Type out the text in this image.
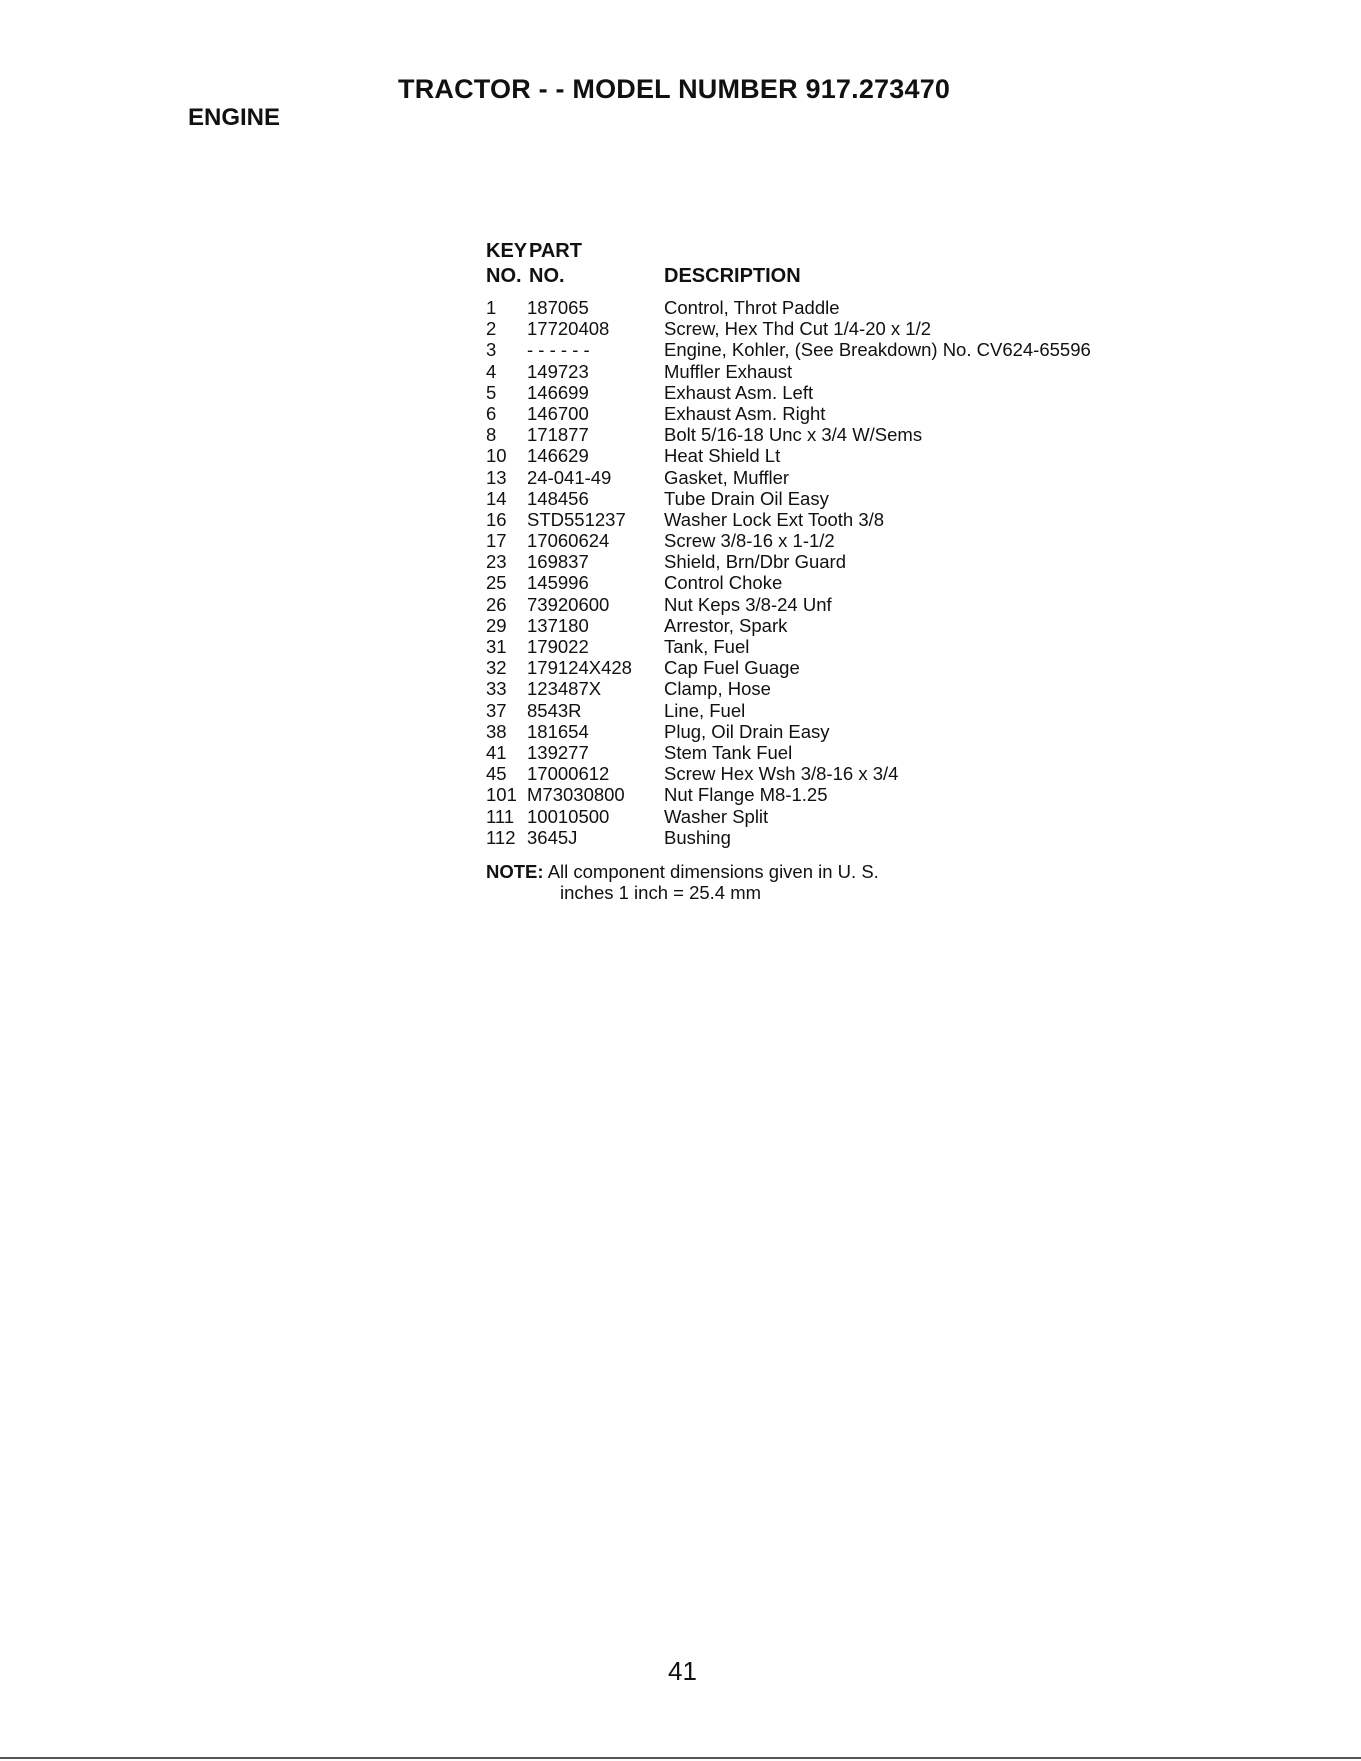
TRACTOR - - MODEL NUMBER 917.273470
ENGINE
KEY
NO.
PART
NO.	DESCRIPTION
1 187065	Control, Throt Paddle
2 17720408	Screw, Hex Thd Cut 1/4-20 x 1/2
3 - - - - - -	Engine, Kohler, (See Breakdown) No. CV624-65596
4 149723	Muffler Exhaust
5 146699	Exhaust Asm. Left
6 146700	Exhaust Asm. Right
8 171877	Bolt 5/16-18 Unc x 3/4 W/Sems
10 146629	Heat Shield Lt
13 24-041-49	Gasket, Muffler
14 148456	Tube Drain Oil Easy
16 STD551237 Washer Lock Ext Tooth 3/8
17 17060624	Screw 3/8-16 x 1-1/2
23 169837	Shield, Brn/Dbr Guard
25 145996	Control Choke
26 73920600	Nut Keps 3/8-24 Unf
29 137180	Arrestor, Spark
31 179022	Tank, Fuel
32 179124X428 Cap Fuel Guage
33 123487X	Clamp, Hose
37 8543R	Line, Fuel
38 181654	Plug, Oil Drain Easy
41 139277	Stem Tank Fuel
45 17000612	Screw Hex Wsh 3/8-16 x 3/4
101 M73030800 Nut Flange M8-1.25
111 10010500	Washer Split
112 3645J	Bushing
NOTE: All component dimensions given in U. S.
inches 1 inch = 25.4 mm
41
